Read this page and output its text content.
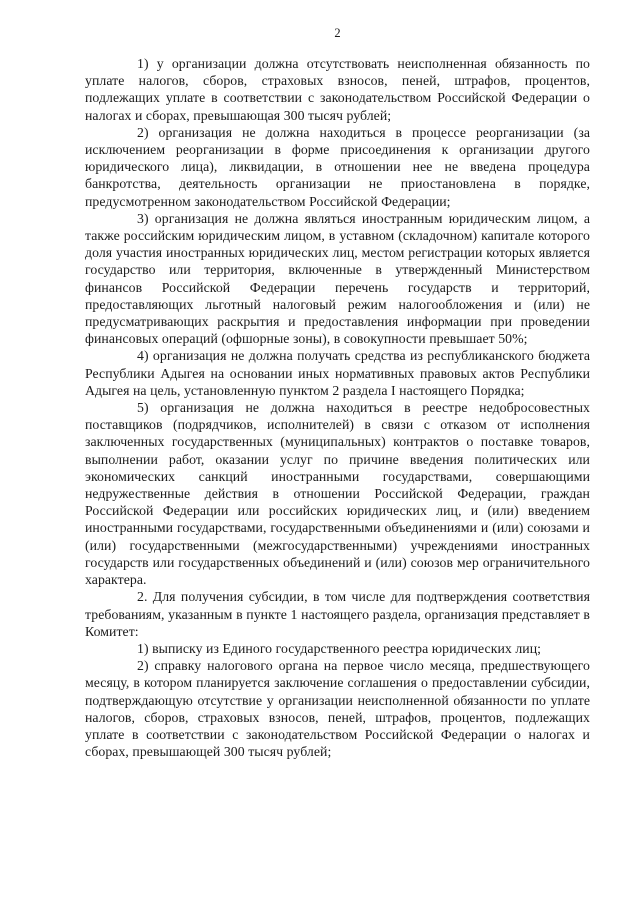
2

1) у организации должна отсутствовать неисполненная обязанность по уплате налогов, сборов, страховых взносов, пеней, штрафов, процентов, подлежащих уплате в соответствии с законодательством Российской Федерации о налогах и сборах, превышающая 300 тысяч рублей;

2) организация не должна находиться в процессе реорганизации (за исключением реорганизации в форме присоединения к организации другого юридического лица), ликвидации, в отношении нее не введена процедура банкротства, деятельность организации не приостановлена в порядке, предусмотренном законодательством Российской Федерации;

3) организация не должна являться иностранным юридическим лицом, а также российским юридическим лицом, в уставном (складочном) капитале которого доля участия иностранных юридических лиц, местом регистрации которых является государство или территория, включенные в утвержденный Министерством финансов Российской Федерации перечень государств и территорий, предоставляющих льготный налоговый режим налогообложения и (или) не предусматривающих раскрытия и предоставления информации при проведении финансовых операций (офшорные зоны), в совокупности превышает 50%;

4) организация не должна получать средства из республиканского бюджета Республики Адыгея на основании иных нормативных правовых актов Республики Адыгея на цель, установленную пунктом 2 раздела I настоящего Порядка;

5) организация не должна находиться в реестре недобросовестных поставщиков (подрядчиков, исполнителей) в связи с отказом от исполнения заключенных государственных (муниципальных) контрактов о поставке товаров, выполнении работ, оказании услуг по причине введения политических или экономических санкций иностранными государствами, совершающими недружественные действия в отношении Российской Федерации, граждан Российской Федерации или российских юридических лиц, и (или) введением иностранными государствами, государственными объединениями и (или) союзами и (или) государственными (межгосударственными) учреждениями иностранных государств или государственных объединений и (или) союзов мер ограничительного характера.

2. Для получения субсидии, в том числе для подтверждения соответствия требованиям, указанным в пункте 1 настоящего раздела, организация представляет в Комитет:

1) выписку из Единого государственного реестра юридических лиц;

2) справку налогового органа на первое число месяца, предшествующего месяцу, в котором планируется заключение соглашения о предоставлении субсидии, подтверждающую отсутствие у организации неисполненной обязанности по уплате налогов, сборов, страховых взносов, пеней, штрафов, процентов, подлежащих уплате в соответствии с законодательством Российской Федерации о налогах и сборах, превышающей 300 тысяч рублей;
